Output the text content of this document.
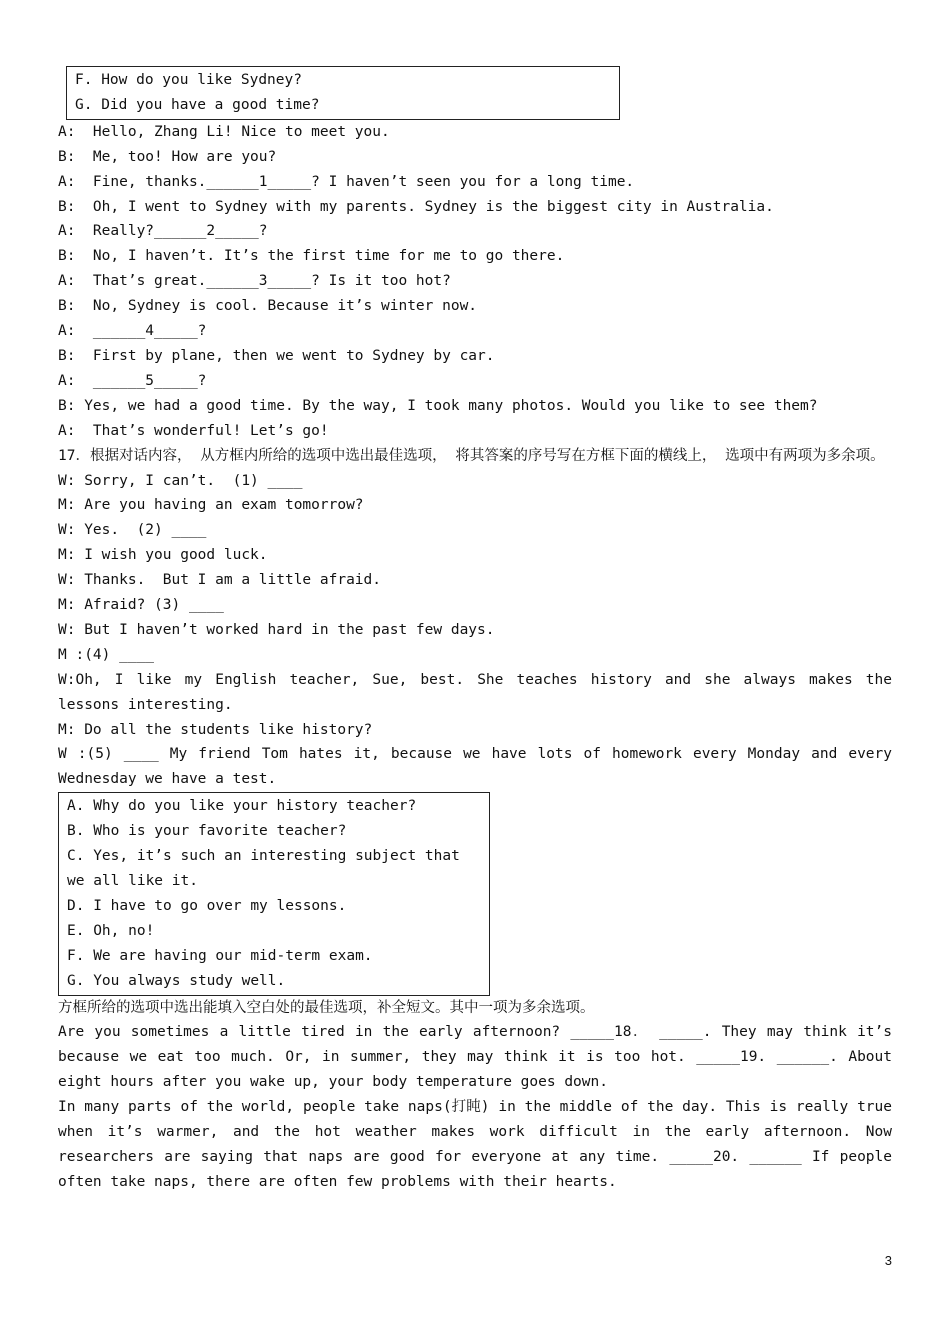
F. How do you like Sydney?
G. Did you have a good time?
A:  Hello, Zhang Li! Nice to meet you.
B:  Me, too! How are you?
A:  Fine, thanks.______1_____? I haven’t seen you for a long time.
B:  Oh, I went to Sydney with my parents. Sydney is the biggest city in Australia.
A:  Really?______2_____?
B:  No, I haven’t. It’s the first time for me to go there.
A:  That’s great.______3_____? Is it too hot?
B:  No, Sydney is cool. Because it’s winter now.
A:  ______4_____?
B:  First by plane, then we went to Sydney by car.
A:  ______5_____?
B: Yes, we had a good time. By the way, I took many photos. Would you like to see them?
A:  That’s wonderful! Let’s go!
17．根据对话内容， 从方框内所给的选项中选出最佳选项， 将其答案的序号写在方框下面的横线上， 选项中有两项为多余项。
W: Sorry, I can’t.  (1) ____
M: Are you having an exam tomorrow?
W: Yes.  (2) ____
M: I wish you good luck.
W: Thanks.  But I am a little afraid.
M: Afraid? (3) ____
W: But I haven’t worked hard in the past few days.
M :(4) ____
W:Oh, I like my English teacher, Sue, best. She teaches history and she always makes the lessons interesting.
M: Do all the students like history?
W :(5) ____ My friend Tom hates it, because we have lots of homework every Monday and every Wednesday we have a test.
A. Why do you like your history teacher?
B. Who is your favorite teacher?
C. Yes, it’s such an interesting subject that we all like it.
D. I have to go over my lessons.
E. Oh, no!
F. We are having our mid-term exam.
G. You always study well.
方框所给的选项中选出能填入空白处的最佳选项，补全短文。其中一项为多余选项。
Are you sometimes a little tired in the early afternoon? _____18． _____. They may think it’s because we eat too much. Or, in summer, they may think it is too hot. _____19. ______. About eight hours after you wake up, your body temperature goes down.
In many parts of the world, people take naps(打盹) in the middle of the day. This is really true when it’s warmer, and the hot weather makes work difficult in the early afternoon. Now researchers are saying that naps are good for everyone at any time. _____20. ______ If people often take naps, there are often few problems with their hearts.
3
